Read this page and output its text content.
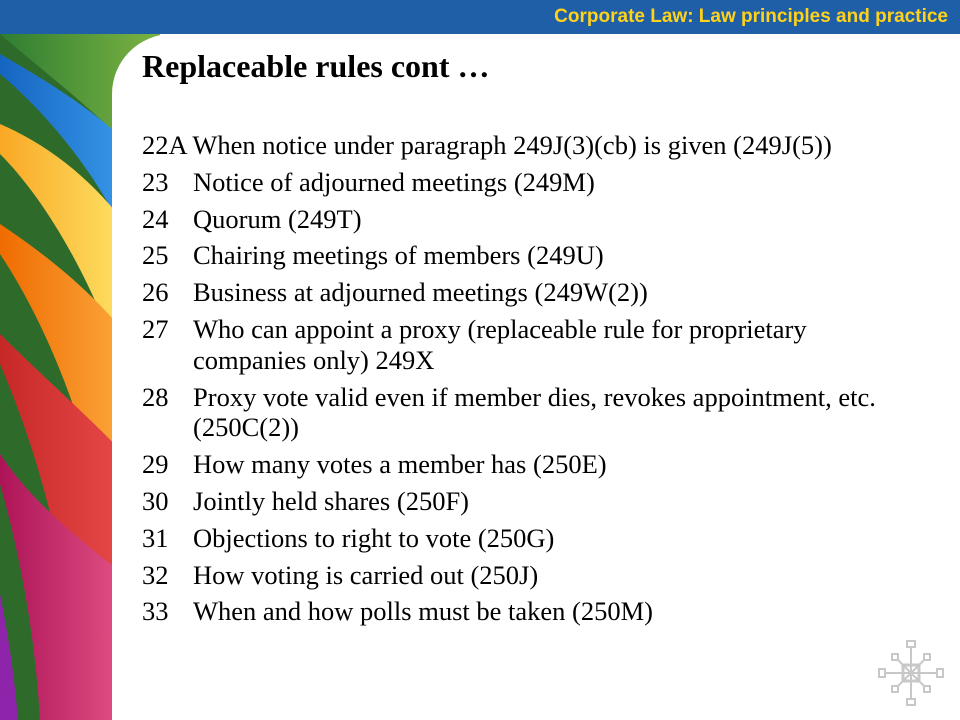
Corporate Law: Law principles and practice
Replaceable rules cont …
22A When notice under paragraph 249J(3)(cb) is given (249J(5))
23 Notice of adjourned meetings (249M)
24 Quorum (249T)
25 Chairing meetings of members (249U)
26 Business at adjourned meetings (249W(2))
27 Who can appoint a proxy (replaceable rule for proprietary companies only) 249X
28 Proxy vote valid even if member dies, revokes appointment, etc. (250C(2))
29 How many votes a member has (250E)
30 Jointly held shares (250F)
31 Objections to right to vote (250G)
32 How voting is carried out (250J)
33 When and how polls must be taken (250M)
